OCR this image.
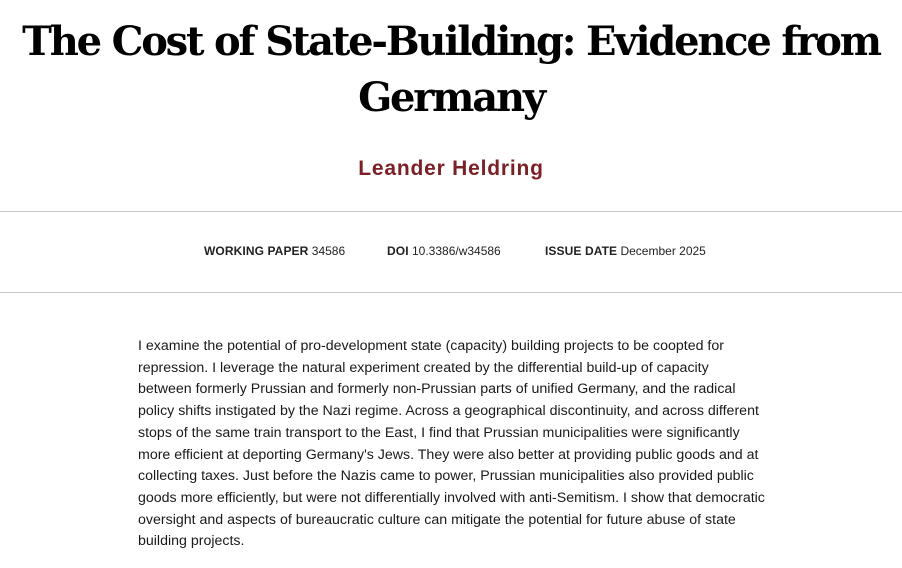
The Cost of State-Building: Evidence from Germany
Leander Heldring
WORKING PAPER 34586	DOI 10.3386/w34586	ISSUE DATE December 2025

I examine the potential of pro-development state (capacity) building projects to be coopted for repression. I leverage the natural experiment created by the differential build-up of capacity between formerly Prussian and formerly non-Prussian parts of unified Germany, and the radical policy shifts instigated by the Nazi regime. Across a geographical discontinuity, and across different stops of the same train transport to the East, I find that Prussian municipalities were significantly more efficient at deporting Germany's Jews. They were also better at providing public goods and at collecting taxes. Just before the Nazis came to power, Prussian municipalities also provided public goods more efficiently, but were not differentially involved with anti-Semitism. I show that democratic oversight and aspects of bureaucratic culture can mitigate the potential for future abuse of state building projects.
